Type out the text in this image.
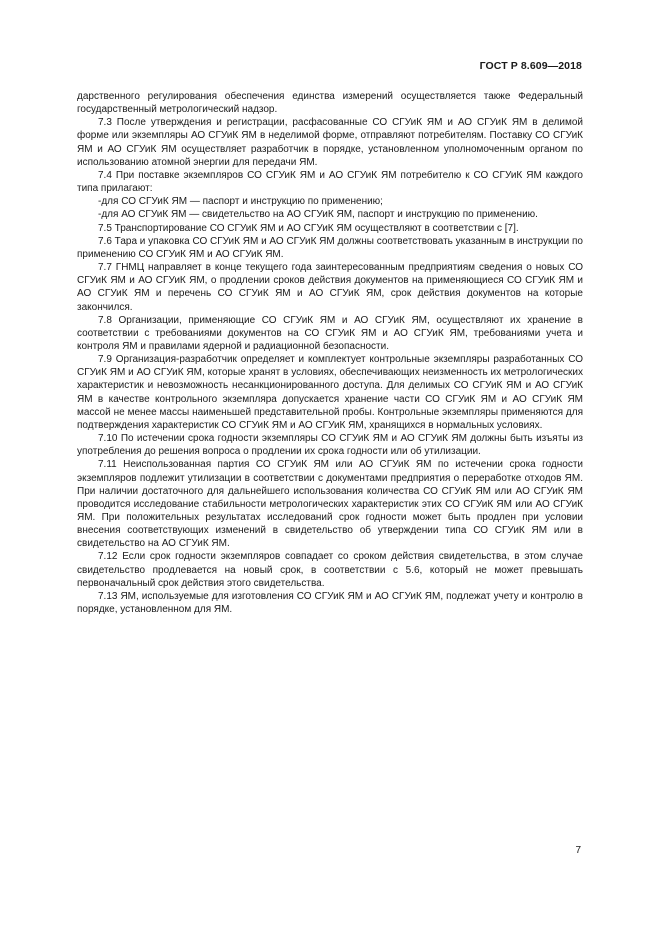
ГОСТ Р 8.609—2018

дарственного регулирования обеспечения единства измерений осуществляется также Федеральный государственный метрологический надзор.

7.3 После утверждения и регистрации, расфасованные СО СГУиК ЯМ и АО СГУиК ЯМ в делимой форме или экземпляры АО СГУиК ЯМ в неделимой форме, отправляют потребителям. Поставку СО СГУиК ЯМ и АО СГУиК ЯМ осуществляет разработчик в порядке, установленном уполномоченным органом по использованию атомной энергии для передачи ЯМ.

7.4 При поставке экземпляров СО СГУиК ЯМ и АО СГУиК ЯМ потребителю к СО СГУиК ЯМ каждого типа прилагают:

-для СО СГУиК ЯМ — паспорт и инструкцию по применению;

-для АО СГУиК ЯМ — свидетельство на АО СГУиК ЯМ, паспорт и инструкцию по применению.

7.5 Транспортирование СО СГУиК ЯМ и АО СГУиК ЯМ осуществляют в соответствии с [7].

7.6 Тара и упаковка СО СГУиК ЯМ и АО СГУиК ЯМ должны соответствовать указанным в инструкции по применению СО СГУиК ЯМ и АО СГУиК ЯМ.

7.7 ГНМЦ направляет в конце текущего года заинтересованным предприятиям сведения о новых СО СГУиК ЯМ и АО СГУиК ЯМ, о продлении сроков действия документов на применяющиеся СО СГУиК ЯМ и АО СГУиК ЯМ и перечень СО СГУиК ЯМ и АО СГУиК ЯМ, срок действия документов на которые закончился.

7.8 Организации, применяющие СО СГУиК ЯМ и АО СГУиК ЯМ, осуществляют их хранение в соответствии с требованиями документов на СО СГУиК ЯМ и АО СГУиК ЯМ, требованиями учета и контроля ЯМ и правилами ядерной и радиационной безопасности.

7.9 Организация-разработчик определяет и комплектует контрольные экземпляры разработанных СО СГУиК ЯМ и АО СГУиК ЯМ, которые хранят в условиях, обеспечивающих неизменность их метрологических характеристик и невозможность несанкционированного доступа. Для делимых СО СГУиК ЯМ и АО СГУиК ЯМ в качестве контрольного экземпляра допускается хранение части СО СГУиК ЯМ и АО СГУиК ЯМ массой не менее массы наименьшей представительной пробы. Контрольные экземпляры применяются для подтверждения характеристик СО СГУиК ЯМ и АО СГУиК ЯМ, хранящихся в нормальных условиях.

7.10 По истечении срока годности экземпляры СО СГУиК ЯМ и АО СГУиК ЯМ должны быть изъяты из употребления до решения вопроса о продлении их срока годности или об утилизации.

7.11 Неиспользованная партия СО СГУиК ЯМ или АО СГУиК ЯМ по истечении срока годности экземпляров подлежит утилизации в соответствии с документами предприятия о переработке отходов ЯМ. При наличии достаточного для дальнейшего использования количества СО СГУиК ЯМ или АО СГУиК ЯМ проводится исследование стабильности метрологических характеристик этих СО СГУиК ЯМ или АО СГУиК ЯМ. При положительных результатах исследований срок годности может быть продлен при условии внесения соответствующих изменений в свидетельство об утверждении типа СО СГУиК ЯМ или в свидетельство на АО СГУиК ЯМ.

7.12 Если срок годности экземпляров совпадает со сроком действия свидетельства, в этом случае свидетельство продлевается на новый срок, в соответствии с 5.6, который не может превышать первоначальный срок действия этого свидетельства.

7.13 ЯМ, используемые для изготовления СО СГУиК ЯМ и АО СГУиК ЯМ, подлежат учету и контролю в порядке, установленном для ЯМ.

7
